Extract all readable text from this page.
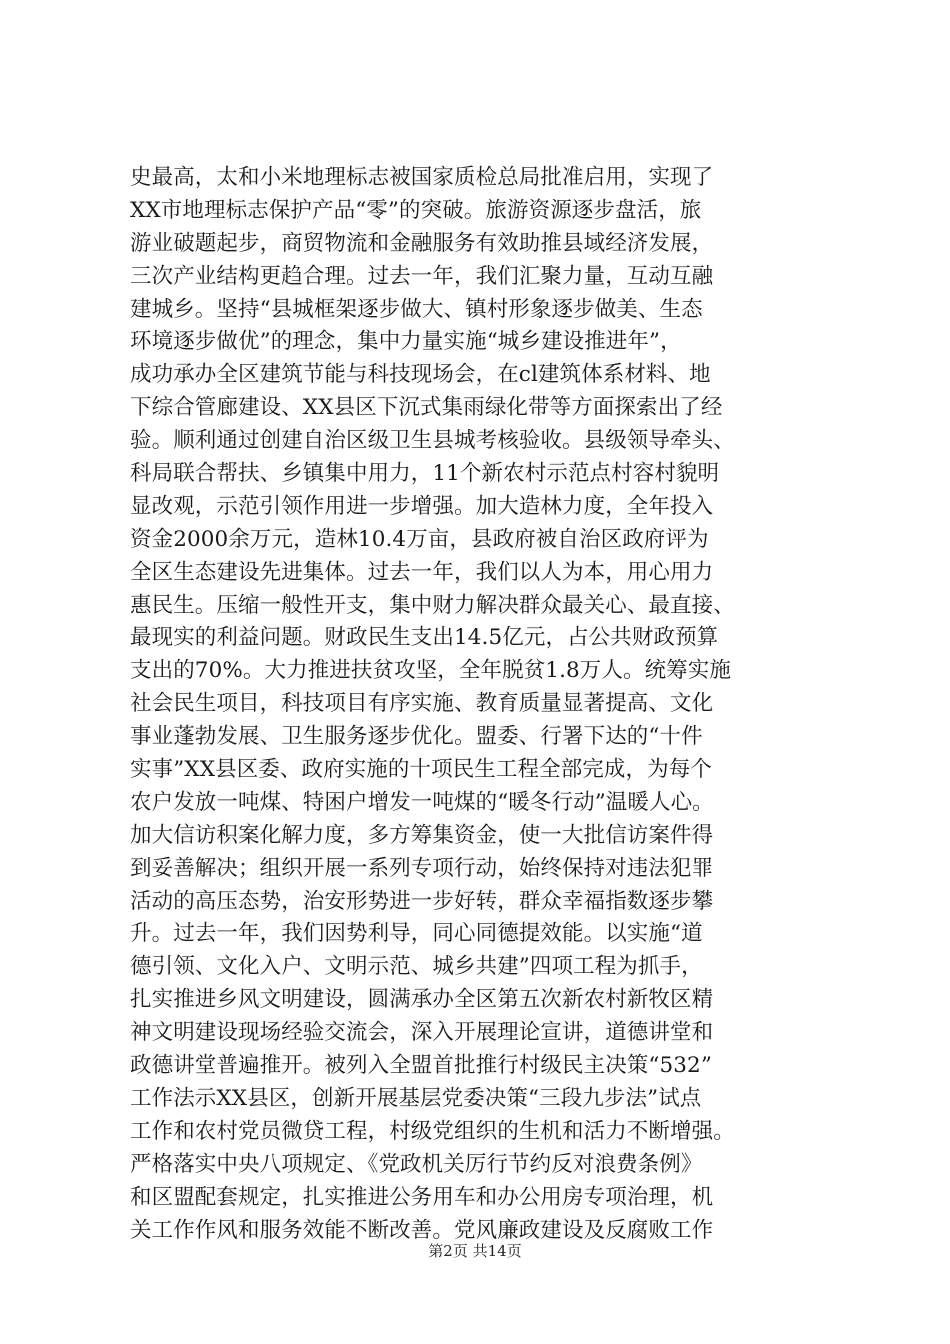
史最高，太和小米地理标志被国家质检总局批准启用，实现了
XX市地理标志保护产品“零”的突破。旅游资源逐步盘活，旅
游业破题起步，商贸物流和金融服务有效助推县域经济发展，
三次产业结构更趋合理。过去一年，我们汇聚力量，互动互融
建城乡。坚持“县城框架逐步做大、镇村形象逐步做美、生态
环境逐步做优”的理念，集中力量实施“城乡建设推进年”，
成功承办全区建筑节能与科技现场会，在cl建筑体系材料、地
下综合管廊建设、XX县区下沉式集雨绿化带等方面探索出了经
验。顺利通过创建自治区级卫生县城考核验收。县级领导牵头、
科局联合帮扶、乡镇集中用力，11个新农村示范点村容村貌明
显改观，示范引领作用进一步增强。加大造林力度，全年投入
资金2000余万元，造林10.4万亩，县政府被自治区政府评为
全区生态建设先进集体。过去一年，我们以人为本，用心用力
惠民生。压缩一般性开支，集中财力解决群众最关心、最直接、
最现实的利益问题。财政民生支出14.5亿元，占公共财政预算
支出的70%。大力推进扶贫攻坚，全年脱贫1.8万人。统筹实施
社会民生项目，科技项目有序实施、教育质量显著提高、文化
事业蓬勃发展、卫生服务逐步优化。盟委、行署下达的“十件
实事”XX县区委、政府实施的十项民生工程全部完成，为每个
农户发放一吨煤、特困户增发一吨煤的“暖冬行动”温暖人心。
加大信访积案化解力度，多方筹集资金，使一大批信访案件得
到妥善解决；组织开展一系列专项行动，始终保持对违法犯罪
活动的高压态势，治安形势进一步好转，群众幸福指数逐步攀
升。过去一年，我们因势利导，同心同德提效能。以实施“道
德引领、文化入户、文明示范、城乡共建”四项工程为抓手，
扎实推进乡风文明建设，圆满承办全区第五次新农村新牧区精
神文明建设现场经验交流会，深入开展理论宣讲，道德讲堂和
政德讲堂普遍推开。被列入全盟首批推行村级民主决策“532”
工作法示XX县区，创新开展基层党委决策“三段九步法”试点
工作和农村党员微贷工程，村级党组织的生机和活力不断增强。
严格落实中央八项规定、《党政机关厉行节约反对浪费条例》
和区盟配套规定，扎实推进公务用车和办公用房专项治理，机
关工作作风和服务效能不断改善。党风廉政建设及反腐败工作
第2页 共14页
